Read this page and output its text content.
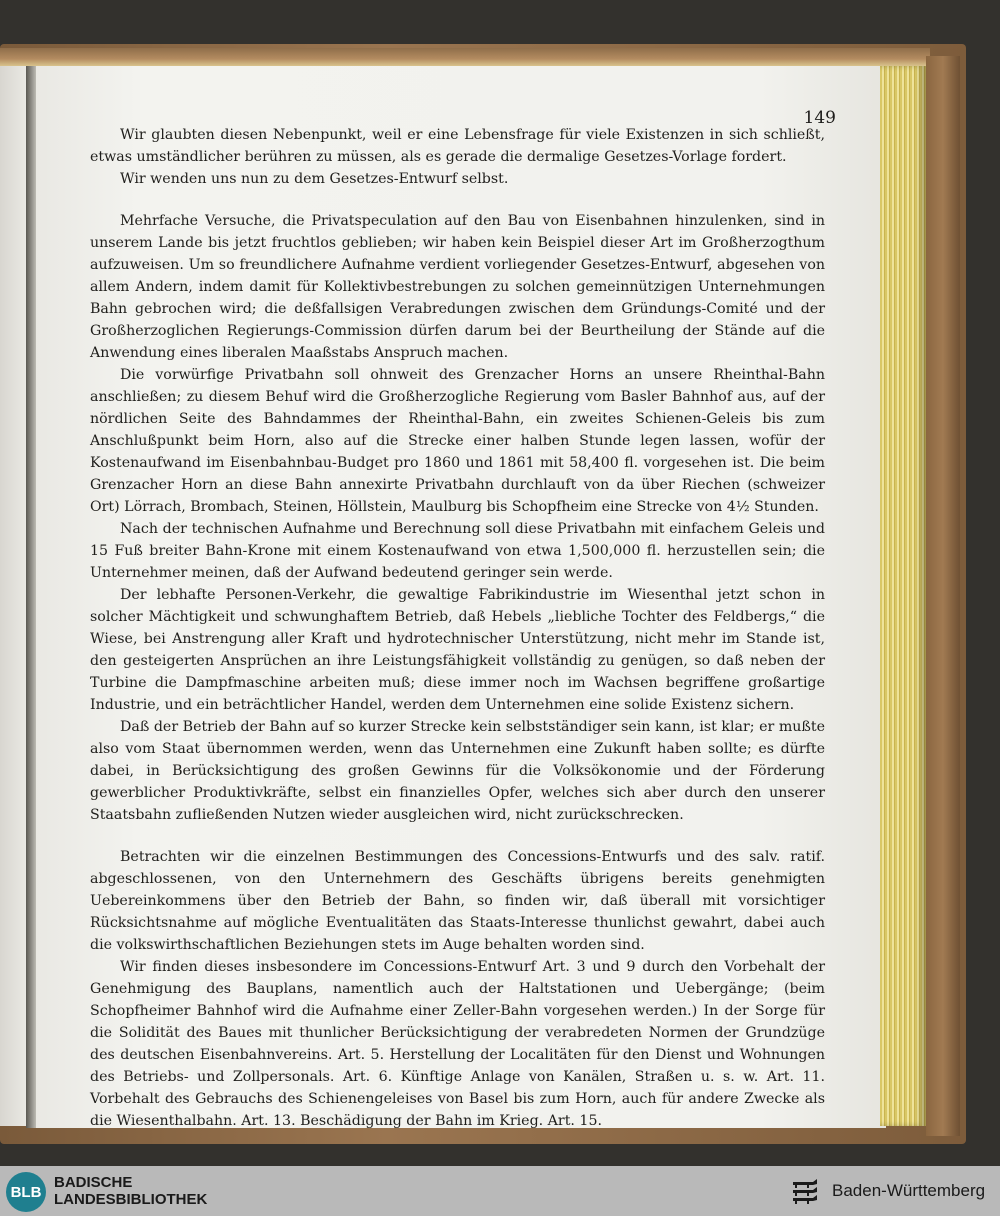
149

Wir glaubten diesen Nebenpunkt, weil er eine Lebensfrage für viele Existenzen in sich schließt, etwas umständlicher berühren zu müssen, als es gerade die dermalige Gesetzes-Vorlage fordert.

Wir wenden uns nun zu dem Gesetzes-Entwurf selbst.

Mehrfache Versuche, die Privatspeculation auf den Bau von Eisenbahnen hinzulenken, sind in unserem Lande bis jetzt fruchtlos geblieben; wir haben kein Beispiel dieser Art im Großherzogthum aufzuweisen. Um so freundlichere Aufnahme verdient vorliegender Gesetzes-Entwurf, abgesehen von allem Andern, indem damit für Kollektivbestrebungen zu solchen gemeinnützigen Unternehmungen Bahn gebrochen wird; die deßfallsigen Verabredungen zwischen dem Gründungs-Comité und der Großherzoglichen Regierungs-Commission dürfen darum bei der Beurtheilung der Stände auf die Anwendung eines liberalen Maaßstabs Anspruch machen.

Die vorwürfige Privatbahn soll ohnweit des Grenzacher Horns an unsere Rheinthal-Bahn anschließen; zu diesem Behuf wird die Großherzogliche Regierung vom Basler Bahnhof aus, auf der nördlichen Seite des Bahndammes der Rheinthal-Bahn, ein zweites Schienen-Geleis bis zum Anschlußpunkt beim Horn, also auf die Strecke einer halben Stunde legen lassen, wofür der Kostenaufwand im Eisenbahnbau-Budget pro 1860 und 1861 mit 58,400 fl. vorgesehen ist. Die beim Grenzacher Horn an diese Bahn annexirte Privatbahn durchlauft von da über Riechen (schweizer Ort) Lörrach, Brombach, Steinen, Höllstein, Maulburg bis Schopfheim eine Strecke von 4½ Stunden.

Nach der technischen Aufnahme und Berechnung soll diese Privatbahn mit einfachem Geleis und 15 Fuß breiter Bahn-Krone mit einem Kostenaufwand von etwa 1,500,000 fl. herzustellen sein; die Unternehmer meinen, daß der Aufwand bedeutend geringer sein werde.

Der lebhafte Personen-Verkehr, die gewaltige Fabrikindustrie im Wiesenthal jetzt schon in solcher Mächtigkeit und schwunghaftem Betrieb, daß Hebels „liebliche Tochter des Feldbergs,“ die Wiese, bei Anstrengung aller Kraft und hydrotechnischer Unterstützung, nicht mehr im Stande ist, den gesteigerten Ansprüchen an ihre Leistungsfähigkeit vollständig zu genügen, so daß neben der Turbine die Dampfmaschine arbeiten muß; diese immer noch im Wachsen begriffene großartige Industrie, und ein beträchtlicher Handel, werden dem Unternehmen eine solide Existenz sichern.

Daß der Betrieb der Bahn auf so kurzer Strecke kein selbstständiger sein kann, ist klar; er mußte also vom Staat übernommen werden, wenn das Unternehmen eine Zukunft haben sollte; es dürfte dabei, in Berücksichtigung des großen Gewinns für die Volksökonomie und der Förderung gewerblicher Produktivkräfte, selbst ein finanzielles Opfer, welches sich aber durch den unserer Staatsbahn zufließenden Nutzen wieder ausgleichen wird, nicht zurückschrecken.

Betrachten wir die einzelnen Bestimmungen des Concessions-Entwurfs und des salv. ratif. abgeschlossenen, von den Unternehmern des Geschäfts übrigens bereits genehmigten Uebereinkommens über den Betrieb der Bahn, so finden wir, daß überall mit vorsichtiger Rücksichtsnahme auf mögliche Eventualitäten das Staats-Interesse thunlichst gewahrt, dabei auch die volkswirthschaftlichen Beziehungen stets im Auge behalten worden sind.

Wir finden dieses insbesondere im Concessions-Entwurf Art. 3 und 9 durch den Vorbehalt der Genehmigung des Bauplans, namentlich auch der Haltstationen und Uebergänge; (beim Schopfheimer Bahnhof wird die Aufnahme einer Zeller-Bahn vorgesehen werden.) In der Sorge für die Solidität des Baues mit thunlicher Berücksichtigung der verabredeten Normen der Grundzüge des deutschen Eisenbahnvereins. Art. 5. Herstellung der Localitäten für den Dienst und Wohnungen des Betriebs- und Zollpersonals. Art. 6. Künftige Anlage von Kanälen, Straßen u. s. w. Art. 11. Vorbehalt des Gebrauchs des Schienengeleises von Basel bis zum Horn, auch für andere Zwecke als die Wiesenthalbahn. Art. 13. Beschädigung der Bahn im Krieg. Art. 15.

BLB
BADISCHE
LANDESBIBLIOTHEK	Baden-Württemberg
